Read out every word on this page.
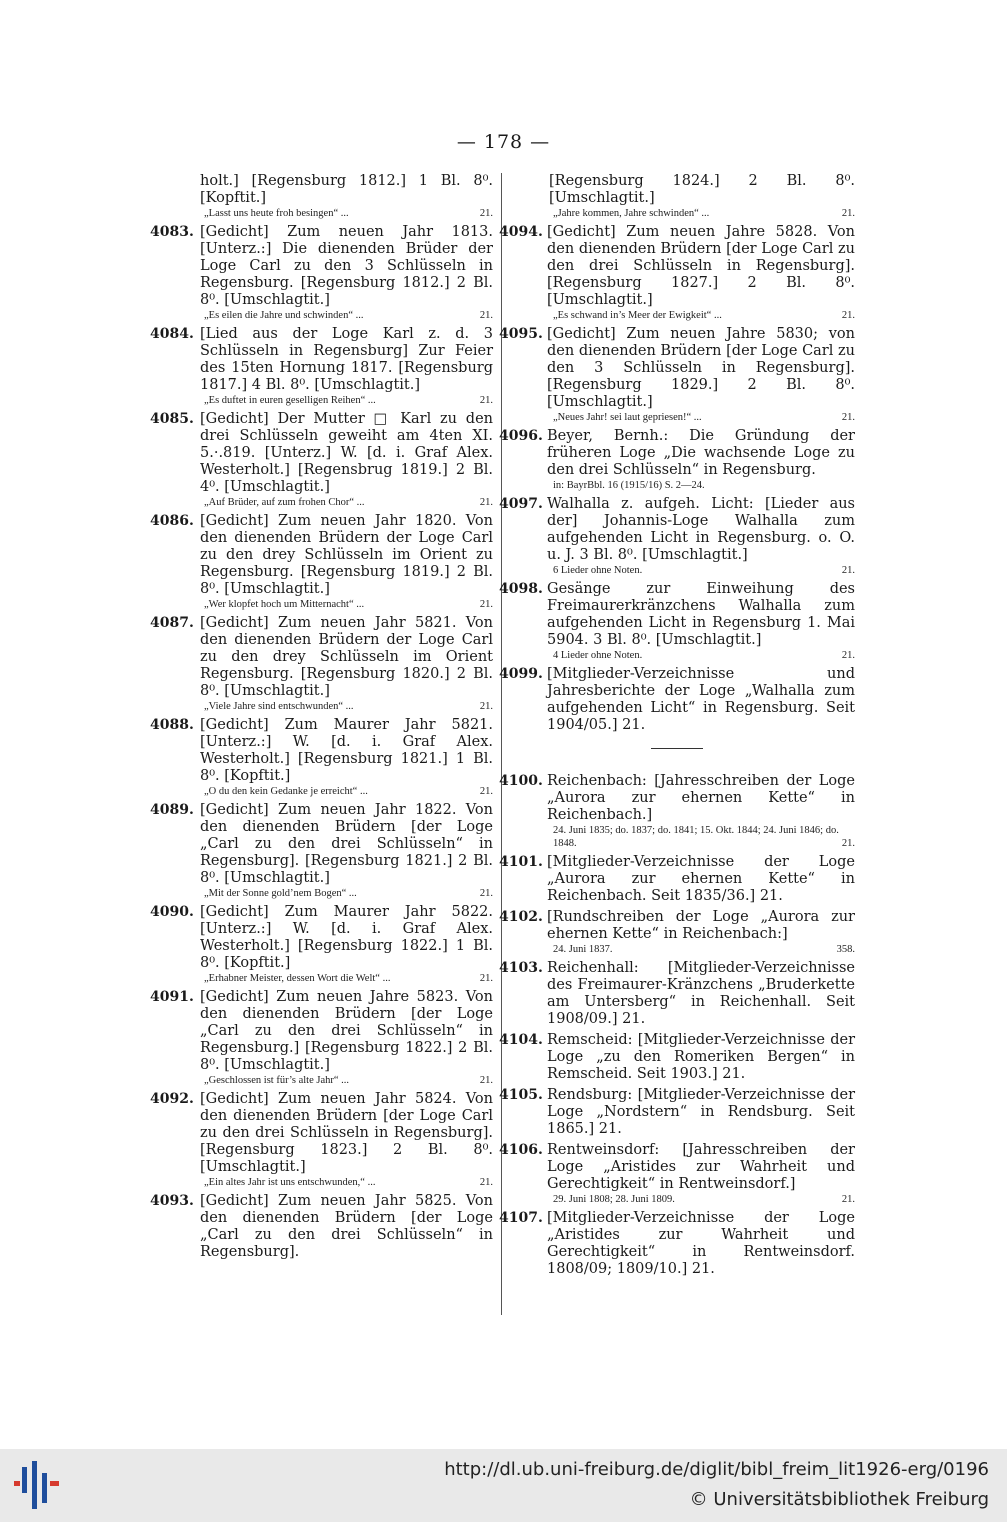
— 178 —
holt.] [Regensburg 1812.] 1 Bl. 8⁰. [Kopftit.]
„Lasst uns heute froh besingen“ ...	21.
4083. [Gedicht] Zum neuen Jahr 1813. [Unterz.:] Die dienenden Brüder der Loge Carl zu den 3 Schlüsseln in Regensburg. [Regensburg 1812.] 2 Bl. 8⁰. [Umschlagtit.]
„Es eilen die Jahre und schwinden“ ...	21.
4084. [Lied aus der Loge Karl z. d. 3 Schlüsseln in Regensburg] Zur Feier des 15ten Hornung 1817. [Regensburg 1817.] 4 Bl. 8⁰. [Umschlagtit.]
„Es duftet in euren geselligen Reihen“ ...	21.
4085. [Gedicht] Der Mutter □ Karl zu den drei Schlüsseln geweiht am 4ten XI. 5.·.819. [Unterz.] W. [d. i. Graf Alex. Westerholt.] [Regensbrug 1819.] 2 Bl. 4⁰. [Umschlagtit.]
„Auf Brüder, auf zum frohen Chor“ ...	21.
4086. [Gedicht] Zum neuen Jahr 1820. Von den dienenden Brüdern der Loge Carl zu den drey Schlüsseln im Orient zu Regensburg. [Regensburg 1819.] 2 Bl. 8⁰. [Umschlagtit.]
„Wer klopfet hoch um Mitternacht“ ...	21.
4087. [Gedicht] Zum neuen Jahr 5821. Von den dienenden Brüdern der Loge Carl zu den drey Schlüsseln im Orient Regensburg. [Regensburg 1820.] 2 Bl. 8⁰. [Umschlagtit.]
„Viele Jahre sind entschwunden“ ...	21.
4088. [Gedicht] Zum Maurer Jahr 5821. [Unterz.:] W. [d. i. Graf Alex. Westerholt.] [Regensburg 1821.] 1 Bl. 8⁰. [Kopftit.]
„O du den kein Gedanke je erreicht“ ...	21.
4089. [Gedicht] Zum neuen Jahr 1822. Von den dienenden Brüdern [der Loge „Carl zu den drei Schlüsseln“ in Regensburg]. [Regensburg 1821.] 2 Bl. 8⁰. [Umschlagtit.]
„Mit der Sonne gold’nem Bogen“ ...	21.
4090. [Gedicht] Zum Maurer Jahr 5822. [Unterz.:] W. [d. i. Graf Alex. Westerholt.] [Regensburg 1822.] 1 Bl. 8⁰. [Kopftit.]
„Erhabner Meister, dessen Wort die Welt“ ...	21.
4091. [Gedicht] Zum neuen Jahre 5823. Von den dienenden Brüdern [der Loge „Carl zu den drei Schlüsseln“ in Regensburg.] [Regensburg 1822.] 2 Bl. 8⁰. [Umschlagtit.]
„Geschlossen ist für’s alte Jahr“ ...	21.
4092. [Gedicht] Zum neuen Jahr 5824. Von den dienenden Brüdern [der Loge Carl zu den drei Schlüsseln in Regensburg]. [Regensburg 1823.] 2 Bl. 8⁰. [Umschlagtit.]
„Ein altes Jahr ist uns entschwunden,“ ...	21.
4093. [Gedicht] Zum neuen Jahr 5825. Von den dienenden Brüdern [der Loge „Carl zu den drei Schlüsseln“ in Regensburg].
[Regensburg 1824.] 2 Bl. 8⁰. [Umschlagtit.]
„Jahre kommen, Jahre schwinden“ ...	21.
4094. [Gedicht] Zum neuen Jahre 5828. Von den dienenden Brüdern [der Loge Carl zu den drei Schlüsseln in Regensburg]. [Regensburg 1827.] 2 Bl. 8⁰. [Umschlagtit.]
„Es schwand in’s Meer der Ewigkeit“ ...	21.
4095. [Gedicht] Zum neuen Jahre 5830; von den dienenden Brüdern [der Loge Carl zu den 3 Schlüsseln in Regensburg]. [Regensburg 1829.] 2 Bl. 8⁰. [Umschlagtit.]
„Neues Jahr! sei laut gepriesen!“ ...	21.
4096. Beyer, Bernh.: Die Gründung der früheren Loge „Die wachsende Loge zu den drei Schlüsseln“ in Regensburg.
in: BayrBbl. 16 (1915/16) S. 2—24.
4097. Walhalla z. aufgeh. Licht: [Lieder aus der] Johannis-Loge Walhalla zum aufgehenden Licht in Regensburg. o. O. u. J. 3 Bl. 8⁰. [Umschlagtit.]
6 Lieder ohne Noten.	21.
4098. Gesänge zur Einweihung des Freimaurerkränzchens Walhalla zum aufgehenden Licht in Regensburg 1. Mai 5904. 3 Bl. 8⁰. [Umschlagtit.]
4 Lieder ohne Noten.	21.
4099. [Mitglieder-Verzeichnisse und Jahresberichte der Loge „Walhalla zum aufgehenden Licht“ in Regensburg. Seit 1904/05.] 21.
4100. Reichenbach: [Jahresschreiben der Loge „Aurora zur ehernen Kette“ in Reichenbach.]
24. Juni 1835; do. 1837; do. 1841; 15. Okt. 1844; 24. Juni 1846; do. 1848.	21.
4101. [Mitglieder-Verzeichnisse der Loge „Aurora zur ehernen Kette“ in Reichenbach. Seit 1835/36.] 21.
4102. [Rundschreiben der Loge „Aurora zur ehernen Kette“ in Reichenbach:]
24. Juni 1837.	358.
4103. Reichenhall: [Mitglieder-Verzeichnisse des Freimaurer-Kränzchens „Bruderkette am Untersberg“ in Reichenhall. Seit 1908/09.] 21.
4104. Remscheid: [Mitglieder-Verzeichnisse der Loge „zu den Romeriken Bergen“ in Remscheid. Seit 1903.] 21.
4105. Rendsburg: [Mitglieder-Verzeichnisse der Loge „Nordstern“ in Rendsburg. Seit 1865.] 21.
4106. Rentweinsdorf: [Jahresschreiben der Loge „Aristides zur Wahrheit und Gerechtigkeit“ in Rentweinsdorf.]
29. Juni 1808; 28. Juni 1809.	21.
4107. [Mitglieder-Verzeichnisse der Loge „Aristides zur Wahrheit und Gerechtigkeit“ in Rentweinsdorf. 1808/09; 1809/10.] 21.
http://dl.ub.uni-freiburg.de/diglit/bibl_freim_lit1926-erg/0196
© Universitätsbibliothek Freiburg
